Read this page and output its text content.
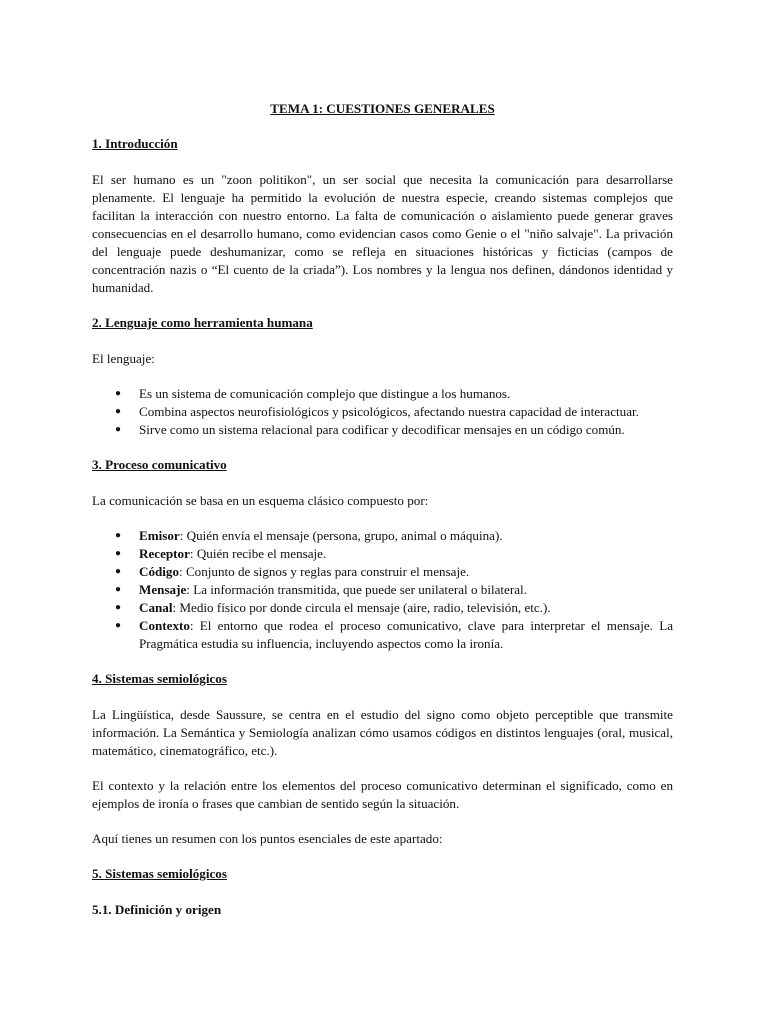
TEMA 1: CUESTIONES GENERALES
1. Introducción

El ser humano es un "zoon politikon", un ser social que necesita la comunicación para desarrollarse plenamente. El lenguaje ha permitido la evolución de nuestra especie, creando sistemas complejos que facilitan la interacción con nuestro entorno. La falta de comunicación o aislamiento puede generar graves consecuencias en el desarrollo humano, como evidencian casos como Genie o el "niño salvaje". La privación del lenguaje puede deshumanizar, como se refleja en situaciones históricas y ficticias (campos de concentración nazis o “El cuento de la criada”). Los nombres y la lengua nos definen, dándonos identidad y humanidad.

2. Lenguaje como herramienta humana

El lenguaje:

● Es un sistema de comunicación complejo que distingue a los humanos.
● Combina aspectos neurofisiológicos y psicológicos, afectando nuestra capacidad de interactuar.
● Sirve como un sistema relacional para codificar y decodificar mensajes en un código común.
3. Proceso comunicativo

La comunicación se basa en un esquema clásico compuesto por:

● Emisor: Quién envía el mensaje (persona, grupo, animal o máquina).
● Receptor: Quién recibe el mensaje.
● Código: Conjunto de signos y reglas para construir el mensaje.
● Mensaje: La información transmitida, que puede ser unilateral o bilateral.
● Canal: Medio físico por donde circula el mensaje (aire, radio, televisión, etc.).
● Contexto: El entorno que rodea el proceso comunicativo, clave para interpretar el mensaje. La Pragmática estudia su influencia, incluyendo aspectos como la ironía.
4. Sistemas semiológicos

La Lingüística, desde Saussure, se centra en el estudio del signo como objeto perceptible que transmite información. La Semántica y Semiología analizan cómo usamos códigos en distintos lenguajes (oral, musical, matemático, cinematográfico, etc.).

El contexto y la relación entre los elementos del proceso comunicativo determinan el significado, como en ejemplos de ironía o frases que cambian de sentido según la situación.

Aquí tienes un resumen con los puntos esenciales de este apartado:

5. Sistemas semiológicos
5.1. Definición y origen
